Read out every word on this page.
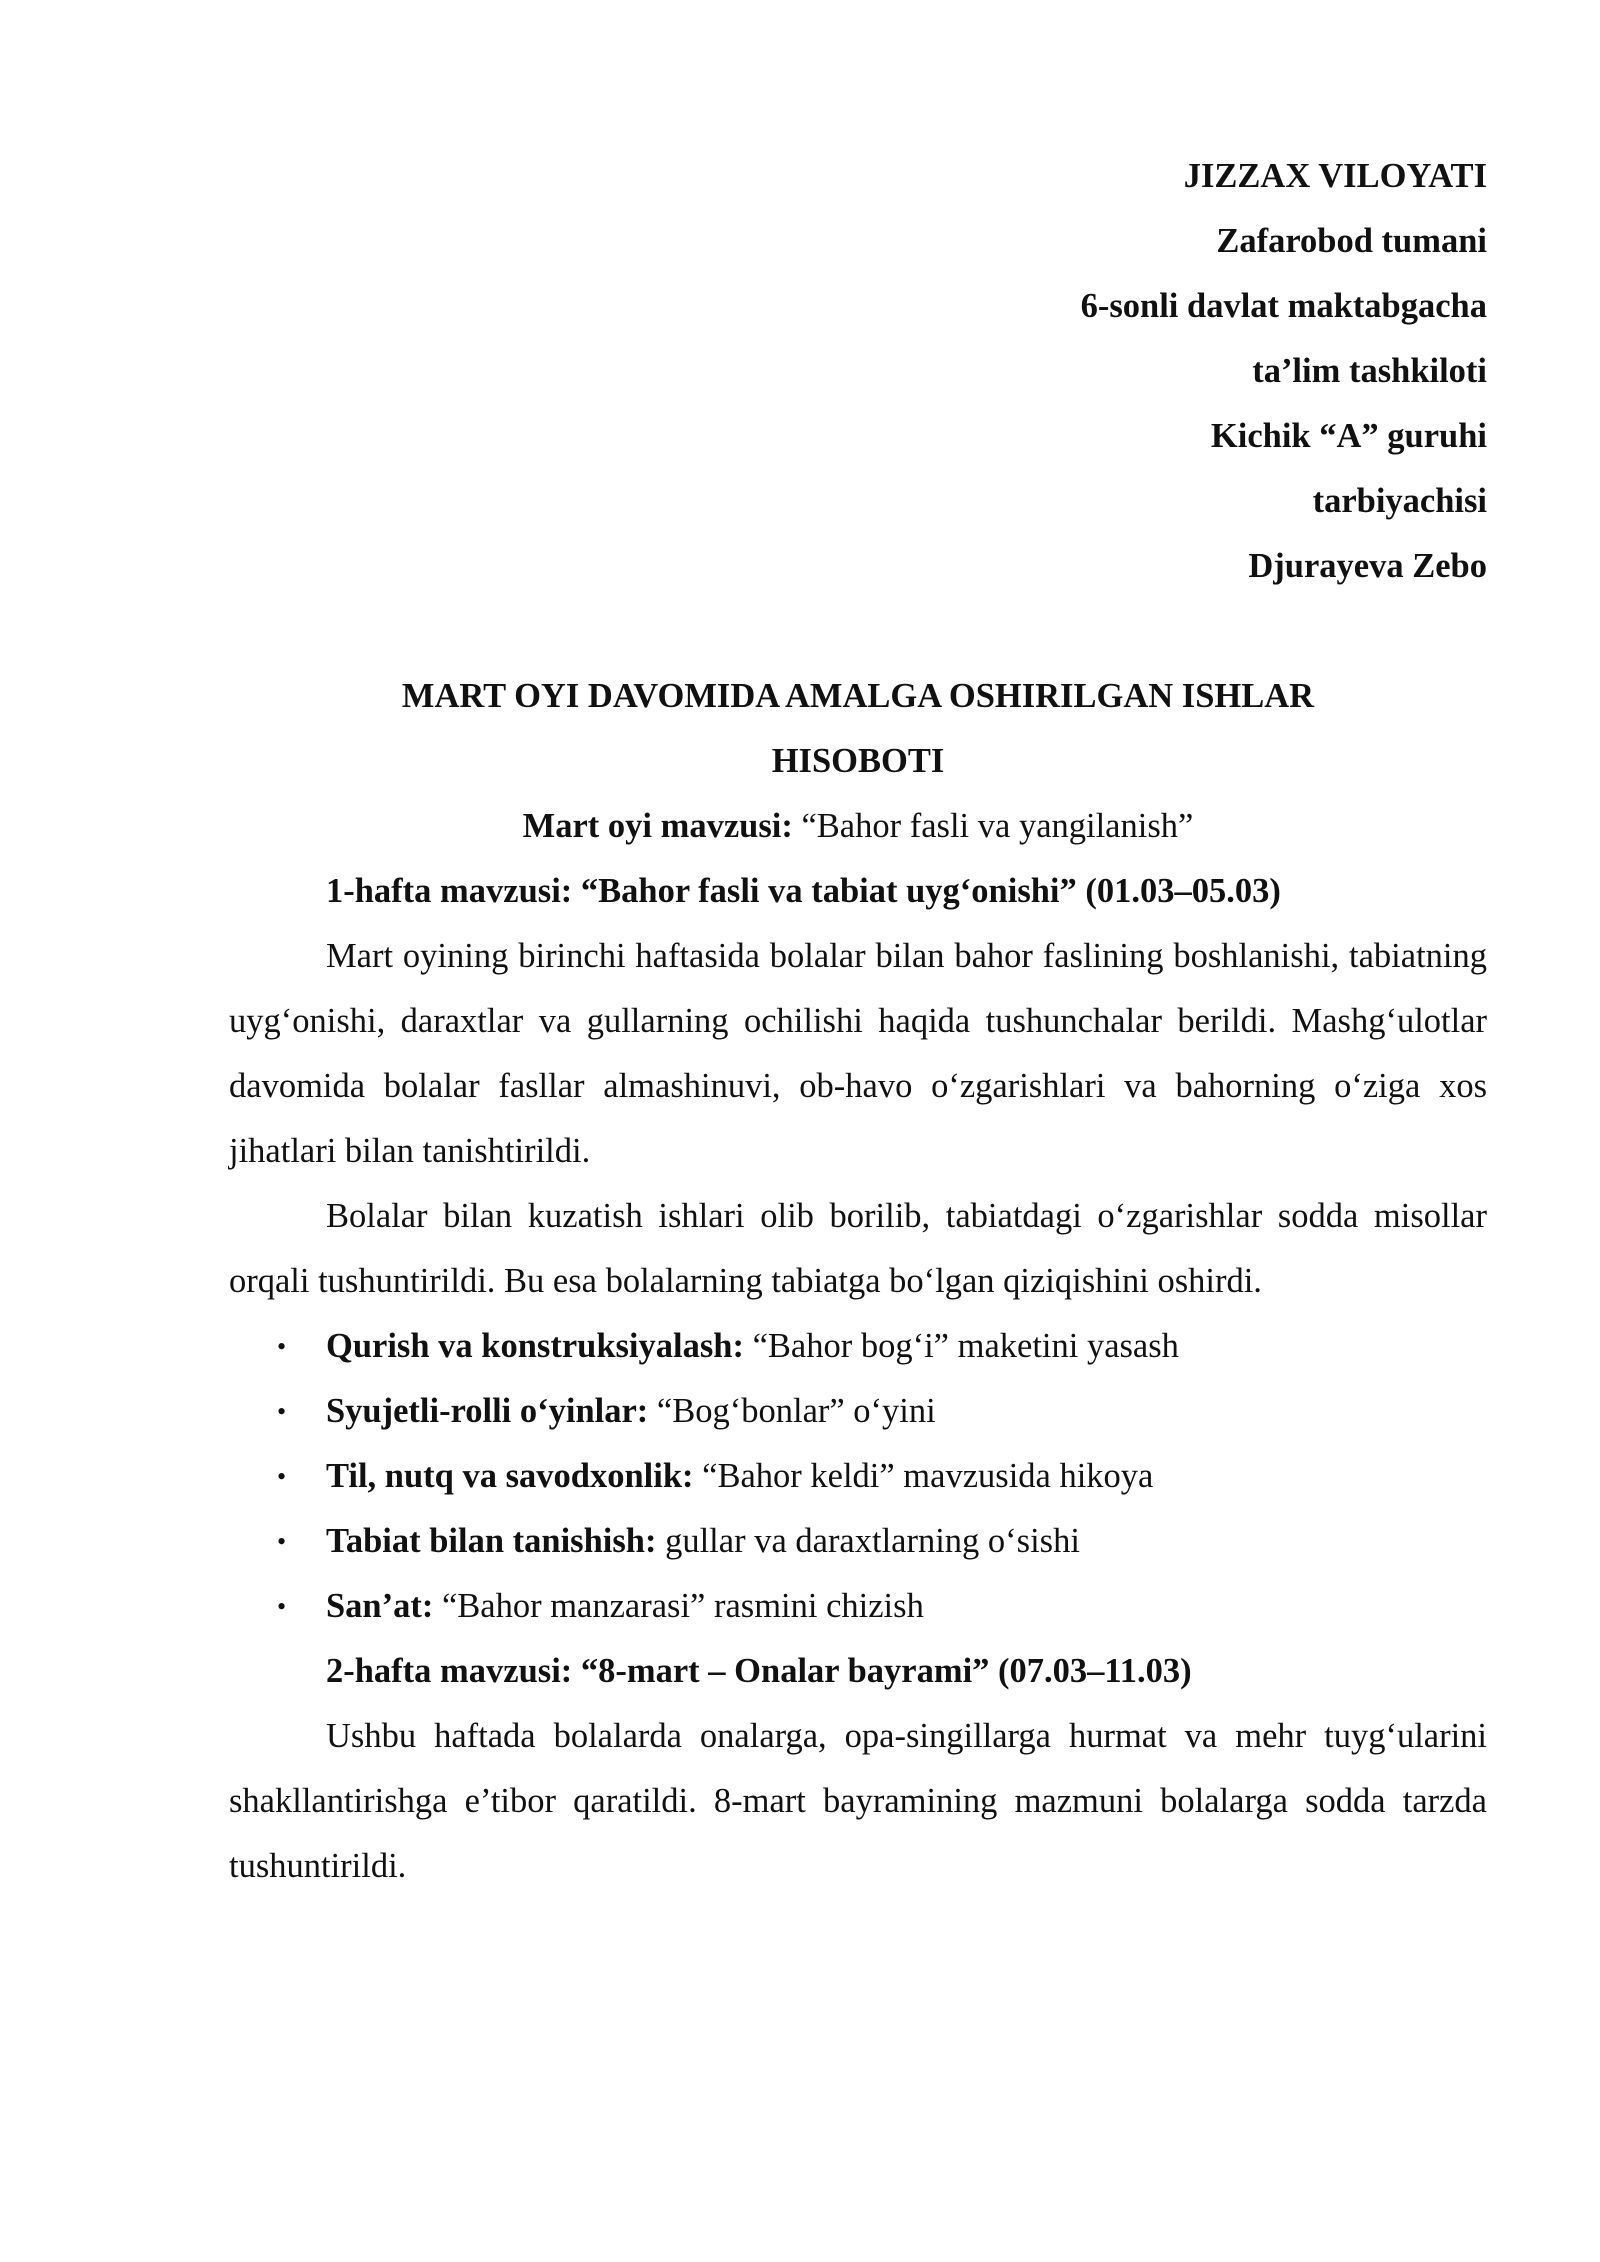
JIZZAX VILOYATI
Zafarobod tumani
6-sonli davlat maktabgacha
ta’lim tashkiloti
Kichik “A” guruhi
tarbiyachisi
Djurayeva Zebo
MART OYI DAVOMIDA AMALGA OSHIRILGAN ISHLAR
HISOBOTI
Mart oyi mavzusi: “Bahor fasli va yangilanish”
1-hafta mavzusi: “Bahor fasli va tabiat uyg‘onishi” (01.03–05.03)

Mart oyining birinchi haftasida bolalar bilan bahor faslining boshlanishi, tabiatning uyg‘onishi, daraxtlar va gullarning ochilishi haqida tushunchalar berildi. Mashg‘ulotlar davomida bolalar fasllar almashinuvi, ob-havo o‘zgarishlari va bahorning o‘ziga xos jihatlari bilan tanishtirildi.

Bolalar bilan kuzatish ishlari olib borilib, tabiatdagi o‘zgarishlar sodda misollar orqali tushuntirildi. Bu esa bolalarning tabiatga bo‘lgan qiziqishini oshirdi.

• Qurish va konstruksiyalash: “Bahor bog‘i” maketini yasash
• Syujetli-rolli o‘yinlar: “Bog‘bonlar” o‘yini
• Til, nutq va savodxonlik: “Bahor keldi” mavzusida hikoya
• Tabiat bilan tanishish: gullar va daraxtlarning o‘sishi
• San’at: “Bahor manzarasi” rasmini chizish
2-hafta mavzusi: “8-mart – Onalar bayrami” (07.03–11.03)

Ushbu haftada bolalarda onalarga, opa-singillarga hurmat va mehr tuyg‘ularini shakllantirishga e’tibor qaratildi. 8-mart bayramining mazmuni bolalarga sodda tarzda tushuntirildi.
